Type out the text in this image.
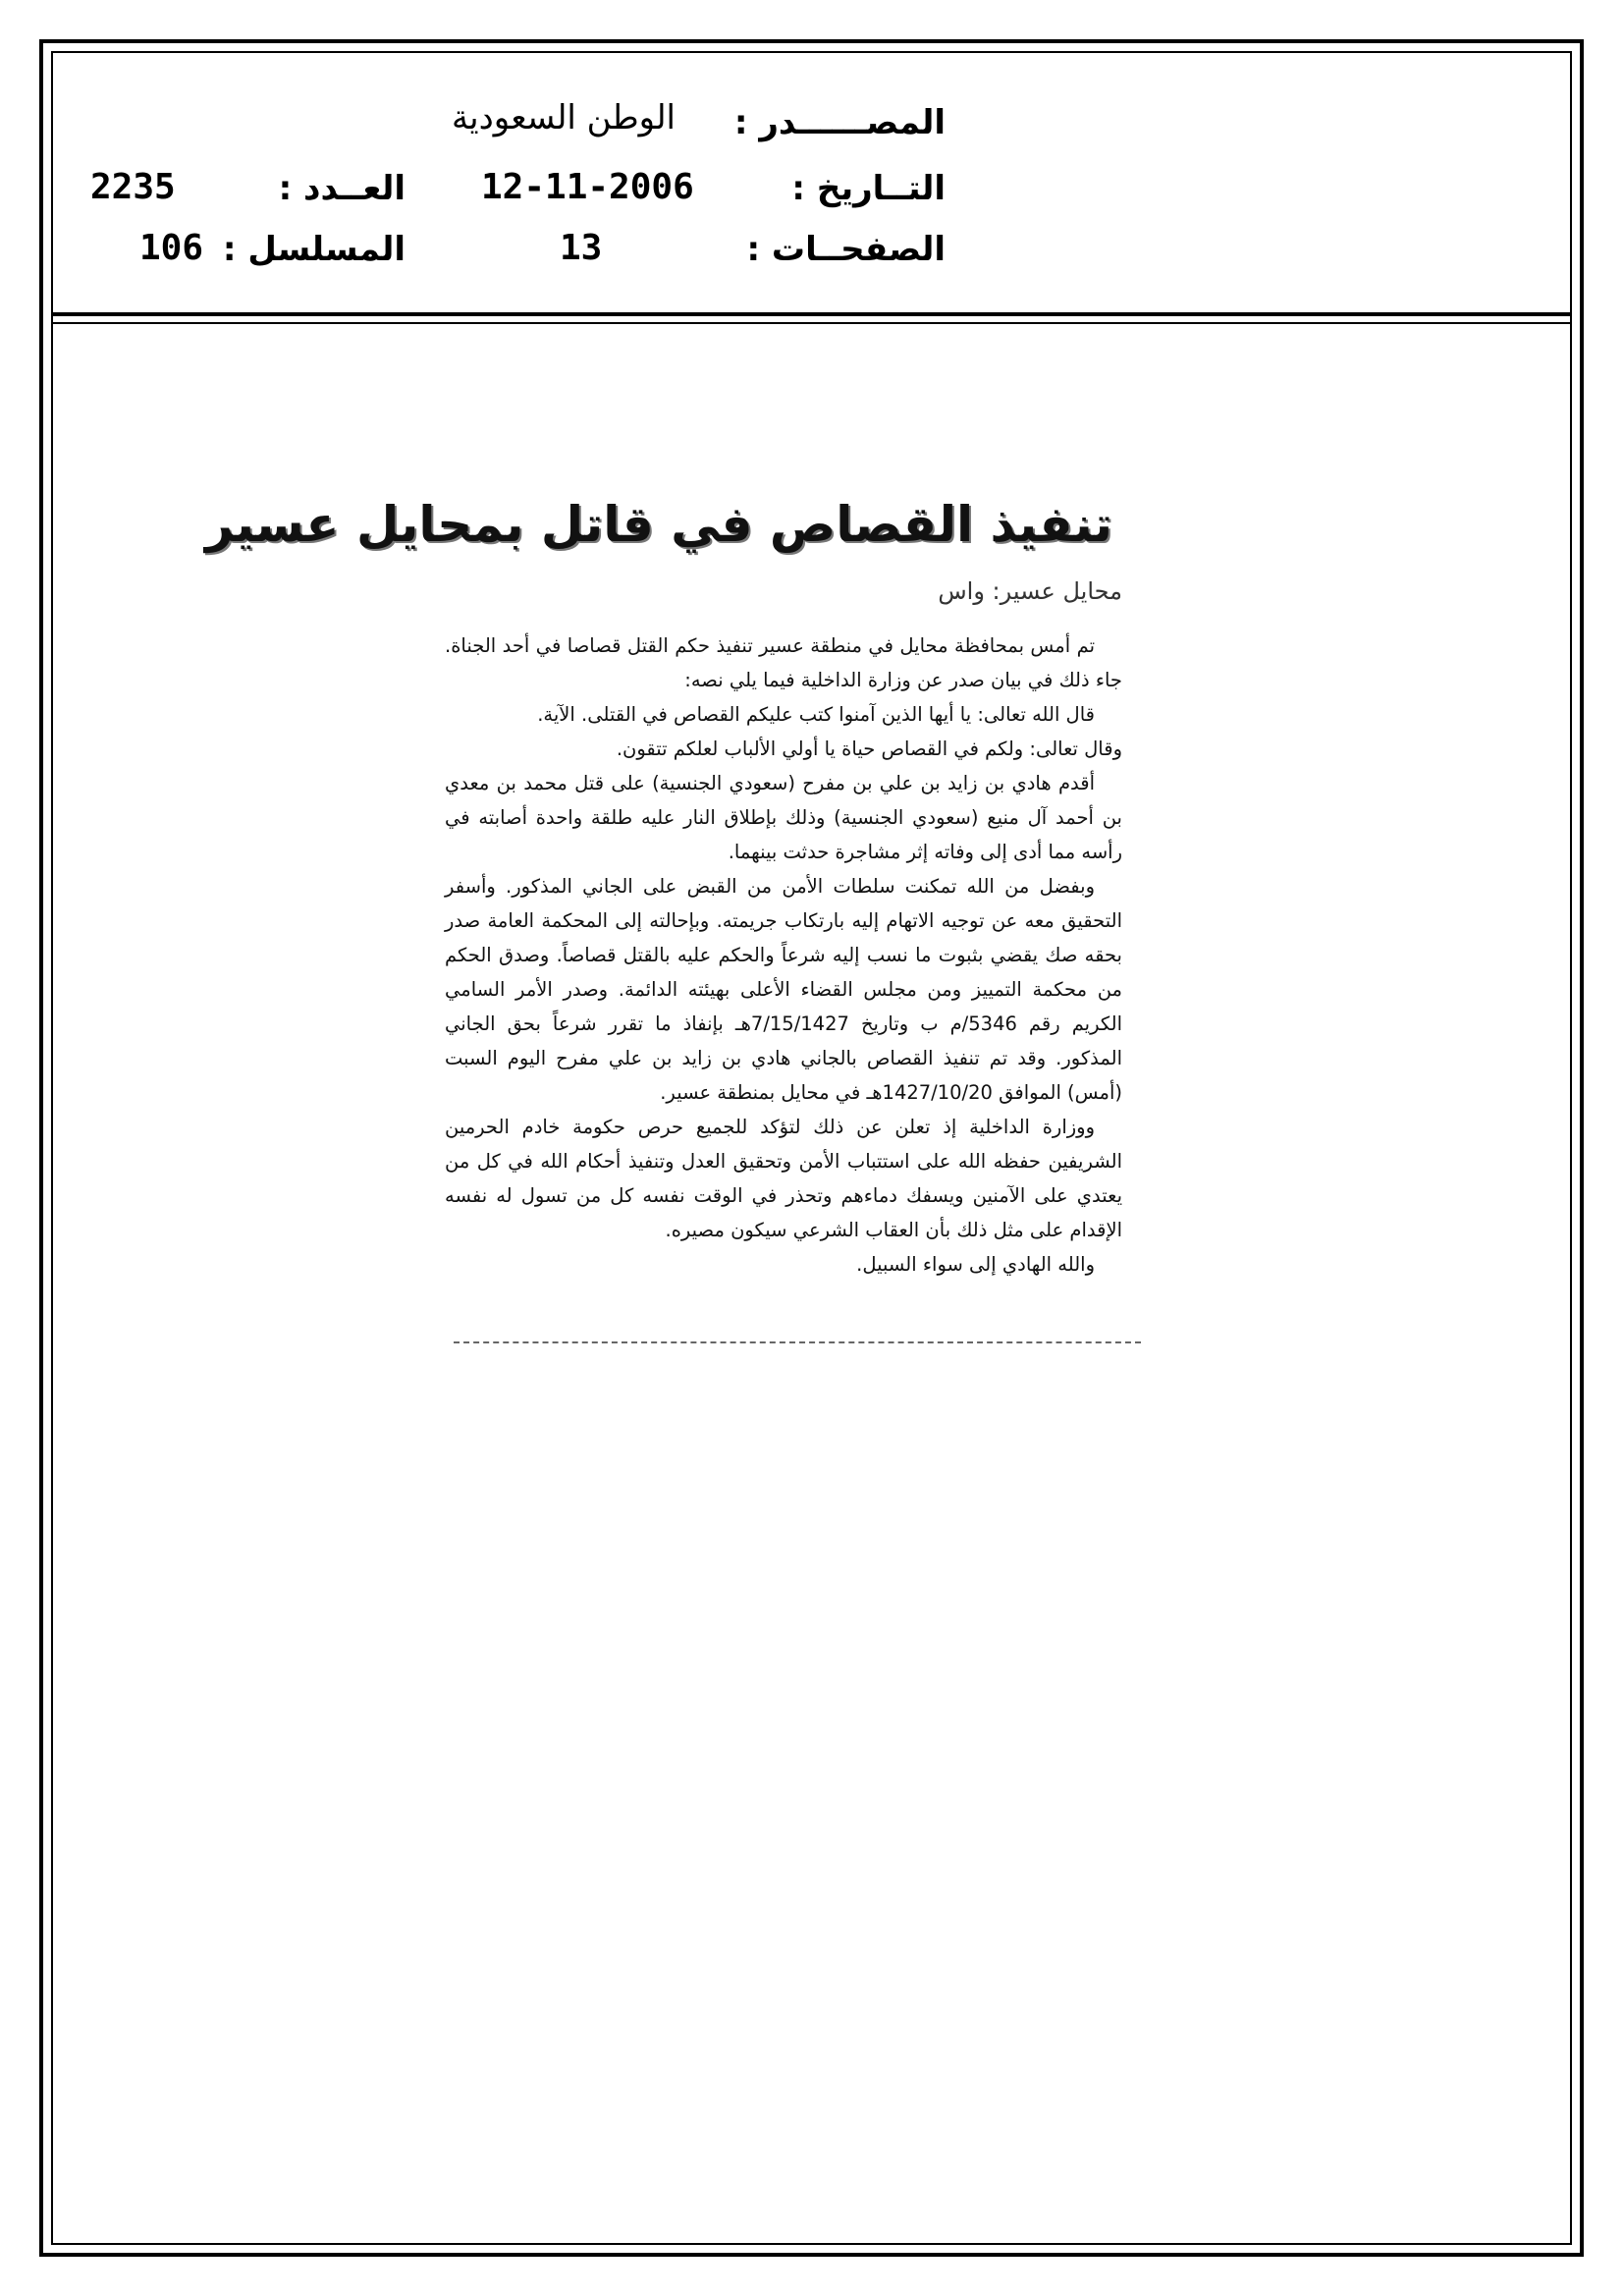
المصــــــدر :
الوطن السعودية
التــاريخ :
12-11-2006
العــدد :
2235
الصفحــات :
13
المسلسل :
106
تنفيذ القصاص في قاتل بمحايل عسير
محايل عسير: واس

تم أمس بمحافظة محايل في منطقة عسير تنفيذ حكم القتل قصاصا في أحد الجناة. جاء ذلك في بيان صدر عن وزارة الداخلية فيما يلي نصه:

قال الله تعالى: يا أيها الذين آمنوا كتب عليكم القصاص في القتلى. الآية.

وقال تعالى: ولكم في القصاص حياة يا أولي الألباب لعلكم تتقون.

أقدم هادي بن زايد بن علي بن مفرح (سعودي الجنسية) على قتل محمد بن معدي بن أحمد آل منيع (سعودي الجنسية) وذلك بإطلاق النار عليه طلقة واحدة أصابته في رأسه مما أدى إلى وفاته إثر مشاجرة حدثت بينهما.

وبفضل من الله تمكنت سلطات الأمن من القبض على الجاني المذكور. وأسفر التحقيق معه عن توجيه الاتهام إليه بارتكاب جريمته. وبإحالته إلى المحكمة العامة صدر بحقه صك يقضي بثبوت ما نسب إليه شرعاً والحكم عليه بالقتل قصاصاً. وصدق الحكم من محكمة التمييز ومن مجلس القضاء الأعلى بهيئته الدائمة. وصدر الأمر السامي الكريم رقم 5346/م ب وتاريخ 7/15/1427هـ بإنفاذ ما تقرر شرعاً بحق الجاني المذكور. وقد تم تنفيذ القصاص بالجاني هادي بن زايد بن علي مفرح اليوم السبت (أمس) الموافق 1427/10/20هـ في محايل بمنطقة عسير.

ووزارة الداخلية إذ تعلن عن ذلك لتؤكد للجميع حرص حكومة خادم الحرمين الشريفين حفظه الله على استتباب الأمن وتحقيق العدل وتنفيذ أحكام الله في كل من يعتدي على الآمنين ويسفك دماءهم وتحذر في الوقت نفسه كل من تسول له نفسه الإقدام على مثل ذلك بأن العقاب الشرعي سيكون مصيره.

والله الهادي إلى سواء السبيل.
